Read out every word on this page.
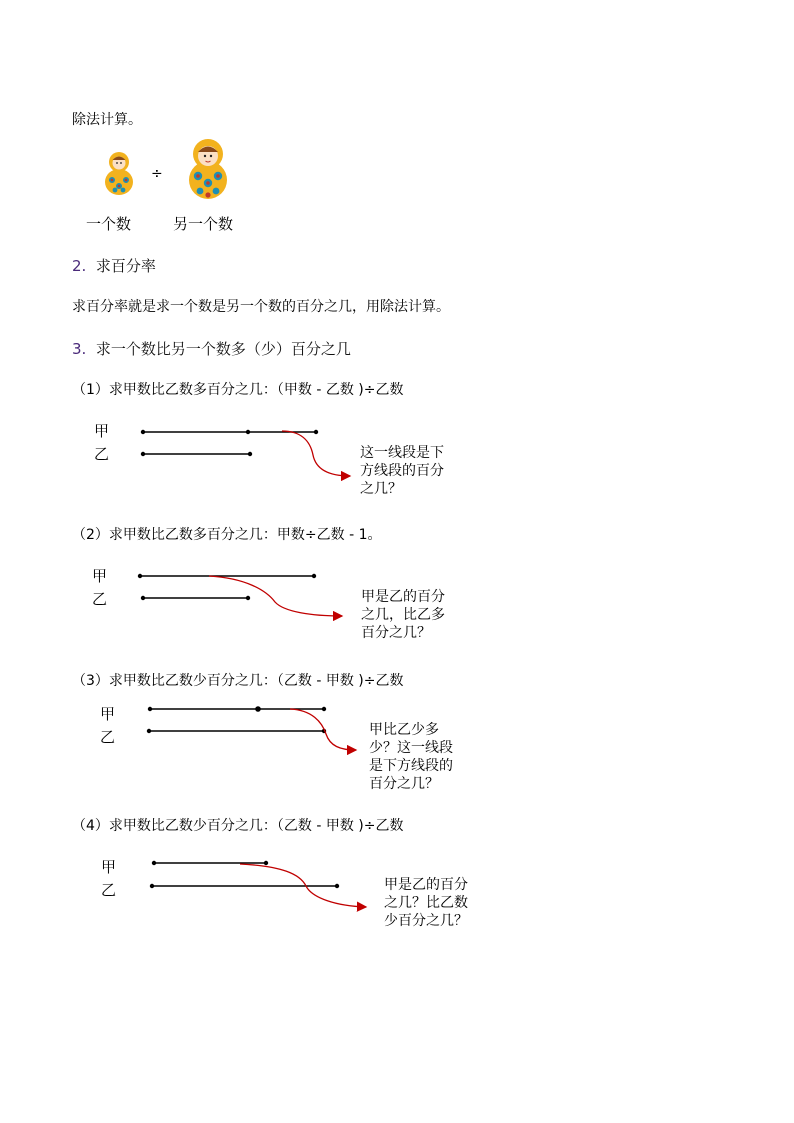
除法计算。
÷
一个数	另一个数
2. 求百分率
求百分率就是求一个数是另一个数的百分之几，用除法计算。
3. 求一个数比另一个数多（少）百分之几
（1）求甲数比乙数多百分之几：（甲数 - 乙数 )÷乙数
（2）求甲数比乙数多百分之几：甲数÷乙数 - 1。
（3）求甲数比乙数少百分之几：（乙数 - 甲数 )÷乙数
（4）求甲数比乙数少百分之几：（乙数 - 甲数 )÷乙数
甲
乙
甲
乙
甲
乙
甲
乙
这一线段是下
方线段的百分
之几？
甲是乙的百分
之几，比乙多
百分之几？
甲比乙少多
少？这一线段
是下方线段的
百分之几？
甲是乙的百分
之几？比乙数
少百分之几？
